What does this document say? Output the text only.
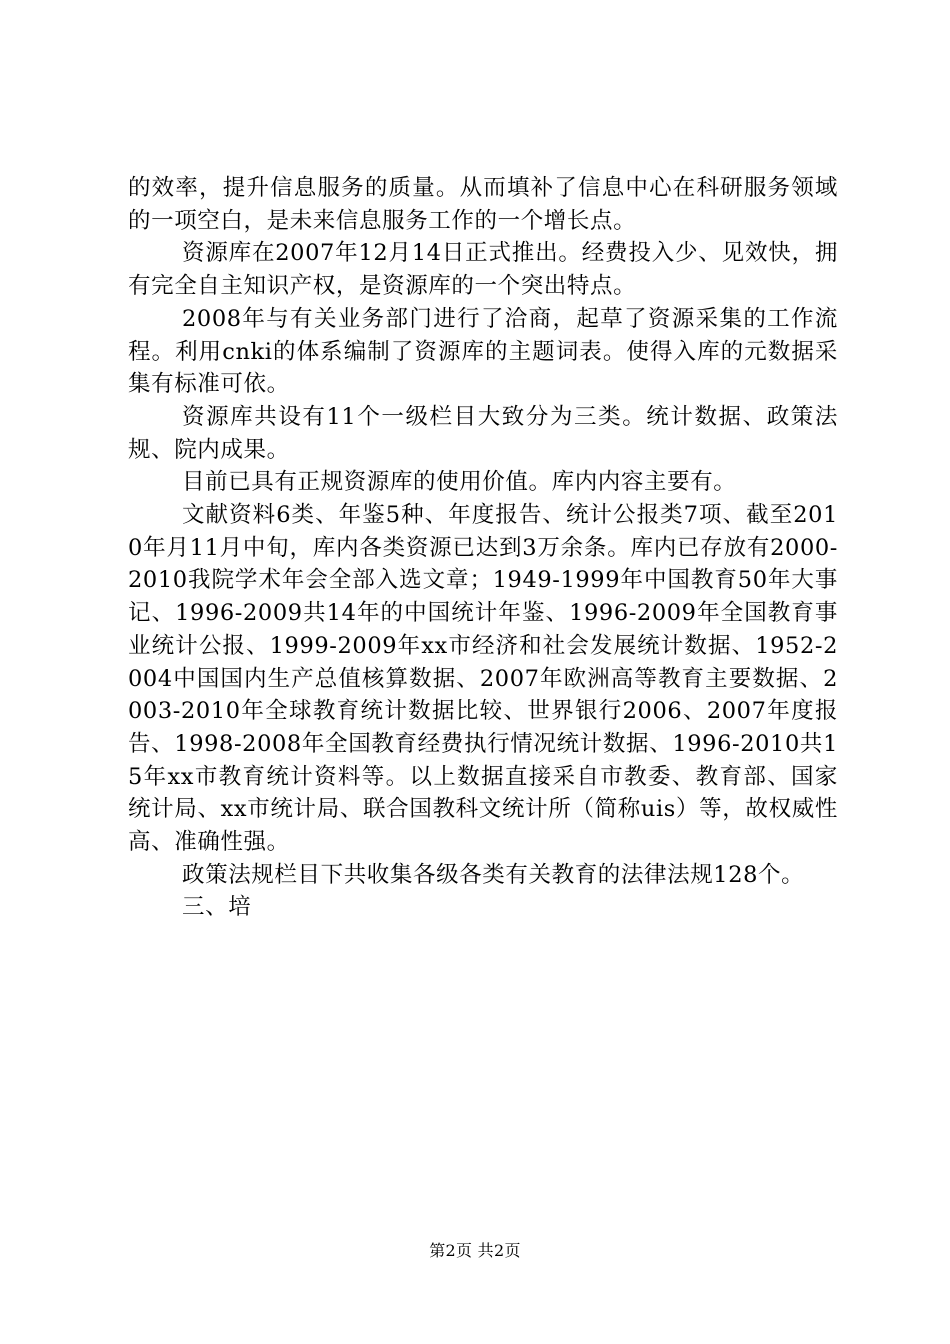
的效率，提升信息服务的质量。从而填补了信息中心在科研服务领域的一项空白，是未来信息服务工作的一个增长点。

资源库在2007年12月14日正式推出。经费投入少、见效快，拥有完全自主知识产权，是资源库的一个突出特点。

2008年与有关业务部门进行了洽商，起草了资源采集的工作流程。利用cnki的体系编制了资源库的主题词表。使得入库的元数据采集有标准可依。

资源库共设有11个一级栏目大致分为三类。统计数据、政策法规、院内成果。

目前已具有正规资源库的使用价值。库内内容主要有。

文献资料6类、年鉴5种、年度报告、统计公报类7项、截至2010年月11月中旬，库内各类资源已达到3万余条。库内已存放有2000-2010我院学术年会全部入选文章；1949-1999年中国教育50年大事记、1996-2009共14年的中国统计年鉴、1996-2009年全国教育事业统计公报、1999-2009年xx市经济和社会发展统计数据、1952-2004中国国内生产总值核算数据、2007年欧洲高等教育主要数据、2003-2010年全球教育统计数据比较、世界银行2006、2007年度报告、1998-2008年全国教育经费执行情况统计数据、1996-2010共15年xx市教育统计资料等。以上数据直接采自市教委、教育部、国家统计局、xx市统计局、联合国教科文统计所（简称uis）等，故权威性高、准确性强。

政策法规栏目下共收集各级各类有关教育的法律法规128个。

三、培

第2页 共2页
